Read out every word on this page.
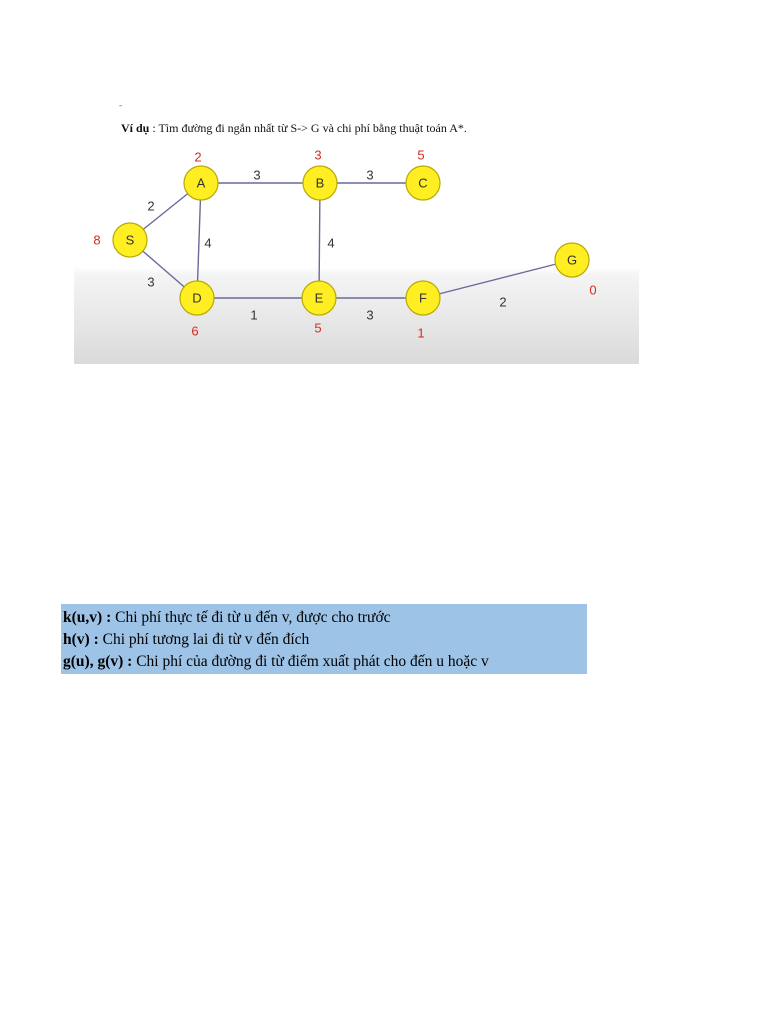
-
Ví dụ : Tìm đường đi ngắn nhất từ S-> G và chi phí bằng thuật toán A*.
2
3
3
4
3
4
1	3
2
S
A	B	C
D	E	F
G
8
2	3	5
6	5	1
0
k(u,v) : Chi phí thực tế đi từ u đến v, được cho trước
h(v) : Chi phí tương lai đi từ v đến đích
g(u), g(v) : Chi phí của đường đi từ điểm xuất phát cho đến u hoặc v
